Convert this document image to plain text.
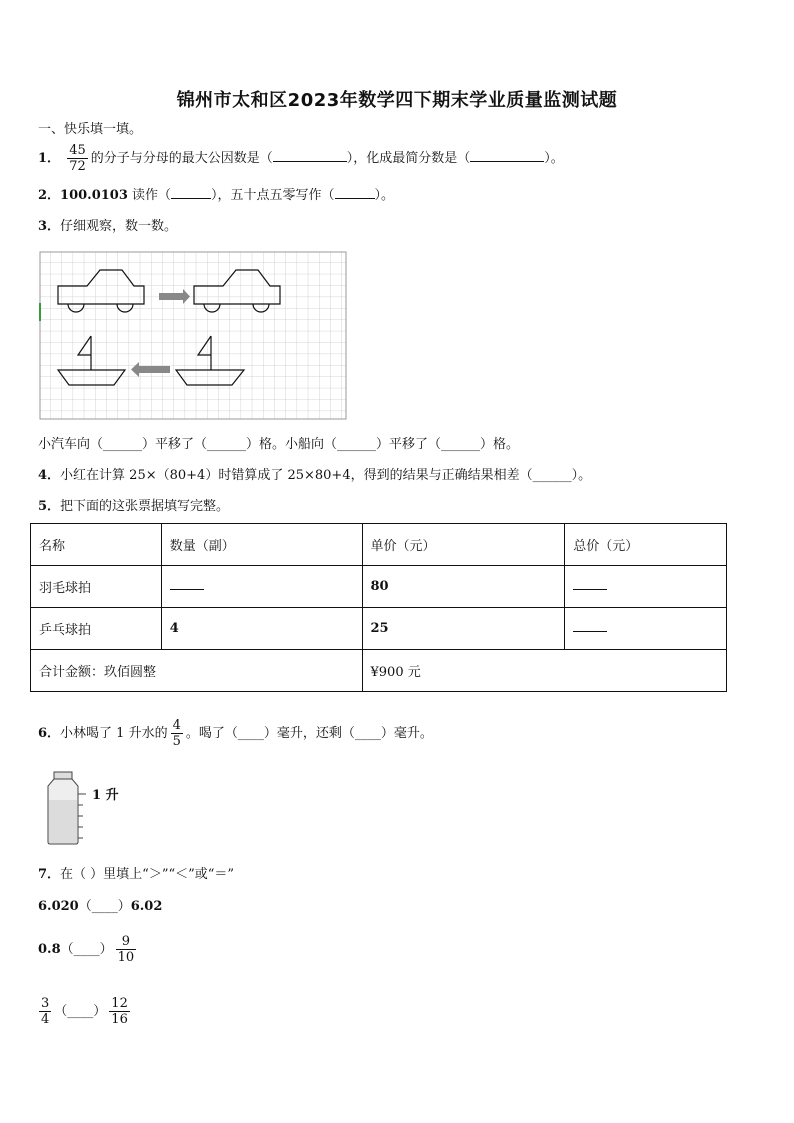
锦州市太和区2023年数学四下期末学业质量监测试题
一、快乐填一填。
1． $\frac{45}{72}$ 的分子与分母的最大公因数是（	），化成最简分数是（	）。
2．100.0103 读作（	），五十点五零写作（	）。
3．仔细观察，数一数。
小汽车向（______）平移了（______）格。小船向（______）平移了（______）格。
4．小红在计算 25×（80+4）时错算成了 25×80+4，得到的结果与正确结果相差（______）。
5．把下面的这张票据填写完整。
名称	数量（副）	单价（元）	总价（元）
羽毛球拍		80	
乒乓球拍	4	25	
合计金额：玖佰圆整		¥900 元	
6．小林喝了 1 升水的 $\frac{4}{5}$ 。喝了（____）毫升，还剩（____）毫升。
1 升
7．在（ ）里填上“＞”“＜”或“＝”
6.020（____）6.02
0.8（____） $\frac{9}{10}$
$\frac{3}{4}$ （____） $\frac{12}{16}$
